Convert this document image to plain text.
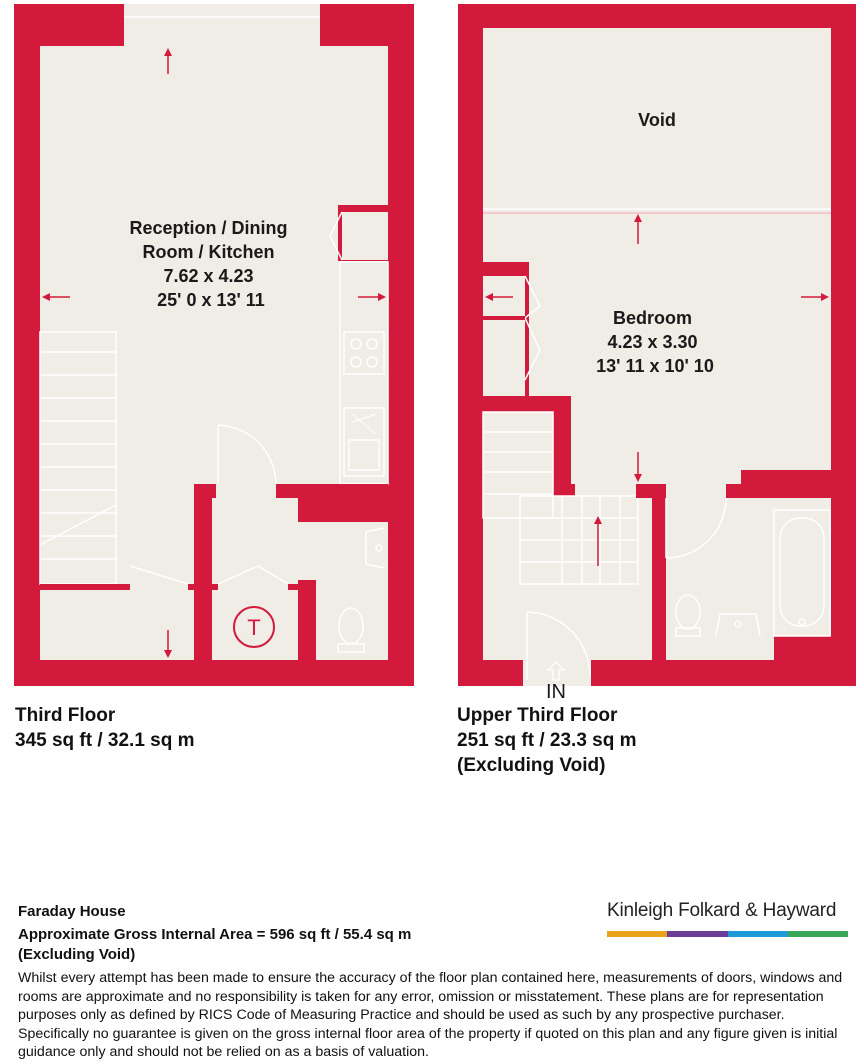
T
Reception / Dining Room / Kitchen 7.62 x 4.23 25' 0 x 13' 11
IN
Void
Bedroom 4.23 x 3.30 13' 11 x 10' 10
Third Floor
345 sq ft / 32.1 sq m
Upper Third Floor
251 sq ft / 23.3 sq m
(Excluding Void)
Kinleigh Folkard & Hayward
Faraday House
Approximate Gross Internal Area = 596 sq ft / 55.4 sq m
(Excluding Void)
Whilst every attempt has been made to ensure the accuracy of the floor plan contained here, measurements of doors, windows and rooms are approximate and no responsibility is taken for any error, omission or misstatement. These plans are for representation purposes only as defined by RICS Code of Measuring Practice and should be used as such by any prospective purchaser. Specifically no guarantee is given on the gross internal floor area of the property if quoted on this plan and any figure given is initial guidance only and should not be relied on as a basis of valuation.
